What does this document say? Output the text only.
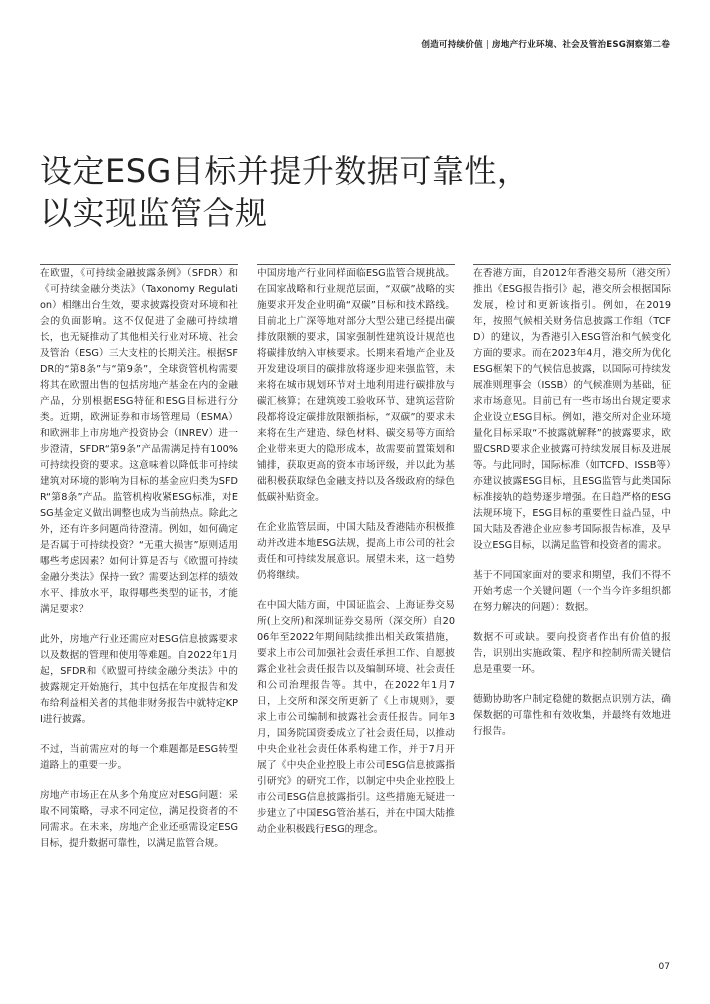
创造可持续价值 | 房地产行业环境、社会及管治ESG洞察第二卷
设定ESG目标并提升数据可靠性，
以实现监管合规

在欧盟，《可持续金融披露条例》（SFDR）和《可持续金融分类法》（Taxonomy Regulation）相继出台生效，要求披露投资对环境和社会的负面影响。这不仅促进了金融可持续增长，也无疑推动了其他相关行业对环境、社会及管治（ESG）三大支柱的长期关注。根据SFDR的“第8条”与“第9条”，全球资管机构需要将其在欧盟出售的包括房地产基金在内的金融产品，分别根据ESG特征和ESG目标进行分类。近期，欧洲证券和市场管理局（ESMA）和欧洲非上市房地产投资协会（INREV）进一步澄清，SFDR“第9条”产品需满足持有100%可持续投资的要求。这意味着以降低非可持续建筑对环境的影响为目标的基金应归类为SFDR“第8条”产品。监管机构收紧ESG标准，对ESG基金定义做出调整也成为当前热点。除此之外，还有许多问题尚待澄清。例如，如何确定是否属于可持续投资？“无重大损害”原则适用哪些考虑因素？如何计算是否与《欧盟可持续金融分类法》保持一致？需要达到怎样的绩效水平、排放水平，取得哪些类型的证书，才能满足要求？

此外，房地产行业还需应对ESG信息披露要求以及数据的管理和使用等难题。自2022年1月起，SFDR和《欧盟可持续金融分类法》中的披露规定开始施行，其中包括在年度报告和发布给利益相关者的其他非财务报告中就特定KPI进行披露。

不过，当前需应对的每一个难题都是ESG转型道路上的重要一步。

房地产市场正在从多个角度应对ESG问题：采取不同策略，寻求不同定位，满足投资者的不同需求。在未来，房地产企业还亟需设定ESG目标，提升数据可靠性，以满足监管合规。

中国房地产行业同样面临ESG监管合规挑战。在国家战略和行业规范层面，“双碳”战略的实施要求开发企业明确“双碳”目标和技术路线。目前北上广深等地对部分大型公建已经提出碳排放限额的要求，国家强制性建筑设计规范也将碳排放纳入审核要求。长期来看地产企业及开发建设项目的碳排放将逐步迎来强监管，未来将在城市规划环节对土地利用进行碳排放与碳汇核算；在建筑竣工验收环节、建筑运营阶段都将设定碳排放限额指标，“双碳”的要求未来将在生产建造、绿色材料、碳交易等方面给企业带来更大的隐形成本，故需要前置策划和铺排，获取更高的资本市场评级，并以此为基础积极获取绿色金融支持以及各级政府的绿色低碳补贴资金。

在企业监管层面，中国大陆及香港陆亦积极推动并改进本地ESG法规，提高上市公司的社会责任和可持续发展意识。展望未来，这一趋势仍将继续。

在中国大陆方面，中国证监会、上海证券交易所(上交所)和深圳证券交易所（深交所）自2006年至2022年期间陆续推出相关政策措施，要求上市公司加强社会责任承担工作、自愿披露企业社会责任报告以及编制环境、社会责任和公司治理报告等。其中，在2022年1月7日，上交所和深交所更新了《上市规则》，要求上市公司编制和披露社会责任报告。同年3月，国务院国资委成立了社会责任局，以推动中央企业社会责任体系构建工作，并于7月开展了《中央企业控股上市公司ESG信息披露指引研究》的研究工作，以制定中央企业控股上市公司ESG信息披露指引。这些措施无疑进一步建立了中国ESG管治基石，并在中国大陆推动企业积极践行ESG的理念。

在香港方面，自2012年香港交易所（港交所）推出《ESG报告指引》起，港交所会根据国际发展，检讨和更新该指引。例如，在2019年，按照气候相关财务信息披露工作组（TCFD）的建议，为香港引入ESG管治和气候变化方面的要求。而在2023年4月，港交所为优化ESG框架下的气候信息披露，以国际可持续发展准则理事会（ISSB）的气候准则为基础，征求市场意见。目前已有一些市场出台规定要求企业设立ESG目标。例如，港交所对企业环境量化目标采取“不披露就解释”的披露要求，欧盟CSRD要求企业披露可持续发展目标及进展等。与此同时，国际标准（如TCFD、ISSB等）亦建议披露ESG目标，且ESG监管与此类国际标准接轨的趋势逐步增强。在日趋严格的ESG法规环境下，ESG目标的重要性日益凸显，中国大陆及香港企业应参考国际报告标准，及早设立ESG目标，以满足监管和投资者的需求。

基于不同国家面对的要求和期望，我们不得不开始考虑一个关键问题（一个当今许多组织都在努力解决的问题）：数据。

数据不可或缺。要向投资者作出有价值的报告，识别出实施政策、程序和控制所需关键信息是重要一环。

德勤协助客户制定稳健的数据点识别方法，确保数据的可靠性和有效收集，并最终有效地进行报告。

07
